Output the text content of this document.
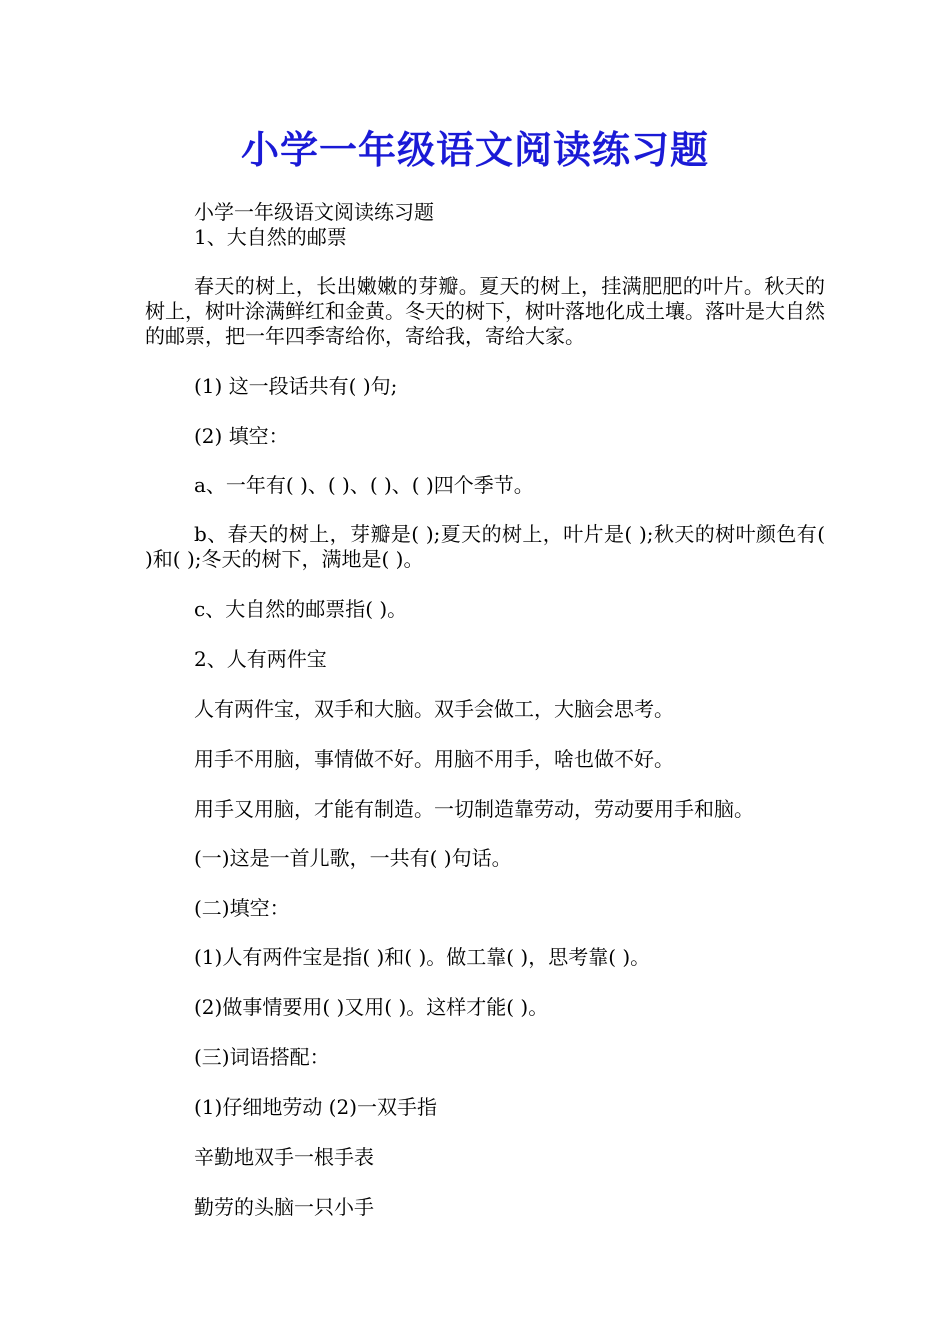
小学一年级语文阅读练习题
小学一年级语文阅读练习题
1、大自然的邮票

春天的树上，长出嫩嫩的芽瓣。夏天的树上，挂满肥肥的叶片。秋天的树上，树叶涂满鲜红和金黄。冬天的树下，树叶落地化成土壤。落叶是大自然的邮票，把一年四季寄给你，寄给我，寄给大家。

(1) 这一段话共有( )句;
(2) 填空：
a、一年有( )、( )、( )、( )四个季节。

b、春天的树上，芽瓣是( );夏天的树上，叶片是( );秋天的树叶颜色有( )和( );冬天的树下，满地是( )。

c、大自然的邮票指( )。
2、人有两件宝
人有两件宝，双手和大脑。双手会做工，大脑会思考。
用手不用脑，事情做不好。用脑不用手，啥也做不好。
用手又用脑，才能有制造。一切制造靠劳动，劳动要用手和脑。
(一)这是一首儿歌，一共有( )句话。
(二)填空：
(1)人有两件宝是指( )和( )。做工靠( )，思考靠( )。
(2)做事情要用( )又用( )。这样才能( )。
(三)词语搭配：
(1)仔细地劳动 (2)一双手指
辛勤地双手一根手表
勤劳的头脑一只小手
